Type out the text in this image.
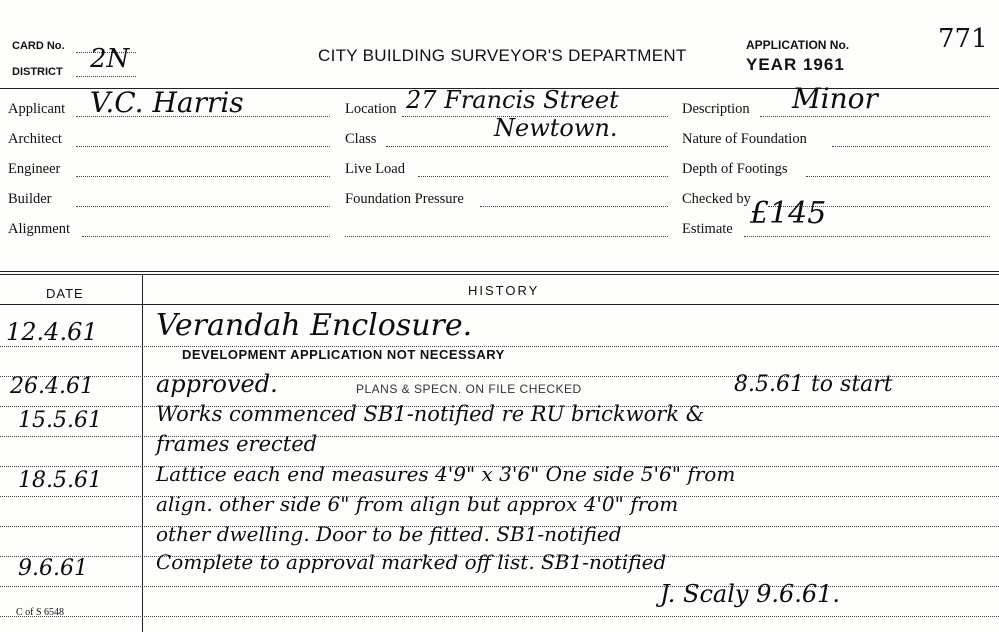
CARD No.
DISTRICT 2N	CITY BUILDING SURVEYOR'S DEPARTMENT
APPLICATION No.	771
YEAR 1961
Applicant V.C. Harris
Architect
Engineer
Builder
Alignment
Location 27 Francis Street
Class	Newtown.
Live Load
Foundation Pressure
Description Minor
Nature of Foundation
Depth of Footings
Checked by
Estimate £145
DATE	HISTORY
12.4.61 Verandah Enclosure.
DEVELOPMENT APPLICATION NOT NECESSARY
26.4.61	approved.	PLANS & SPECN. ON FILE CHECKED	8.5.61 to start
15.5.61	Works commenced SB1-notified re RU brickwork &
frames erected
18.5.61	Lattice each end measures 4'9" x 3'6" One side 5'6" from
align. other side 6" from align but approx 4'0" from
other dwelling. Door to be fitted. SB1-notified
9.6.61	Complete to approval marked off list. SB1-notified
J. Scaly 9.6.61.
C of S 6548
